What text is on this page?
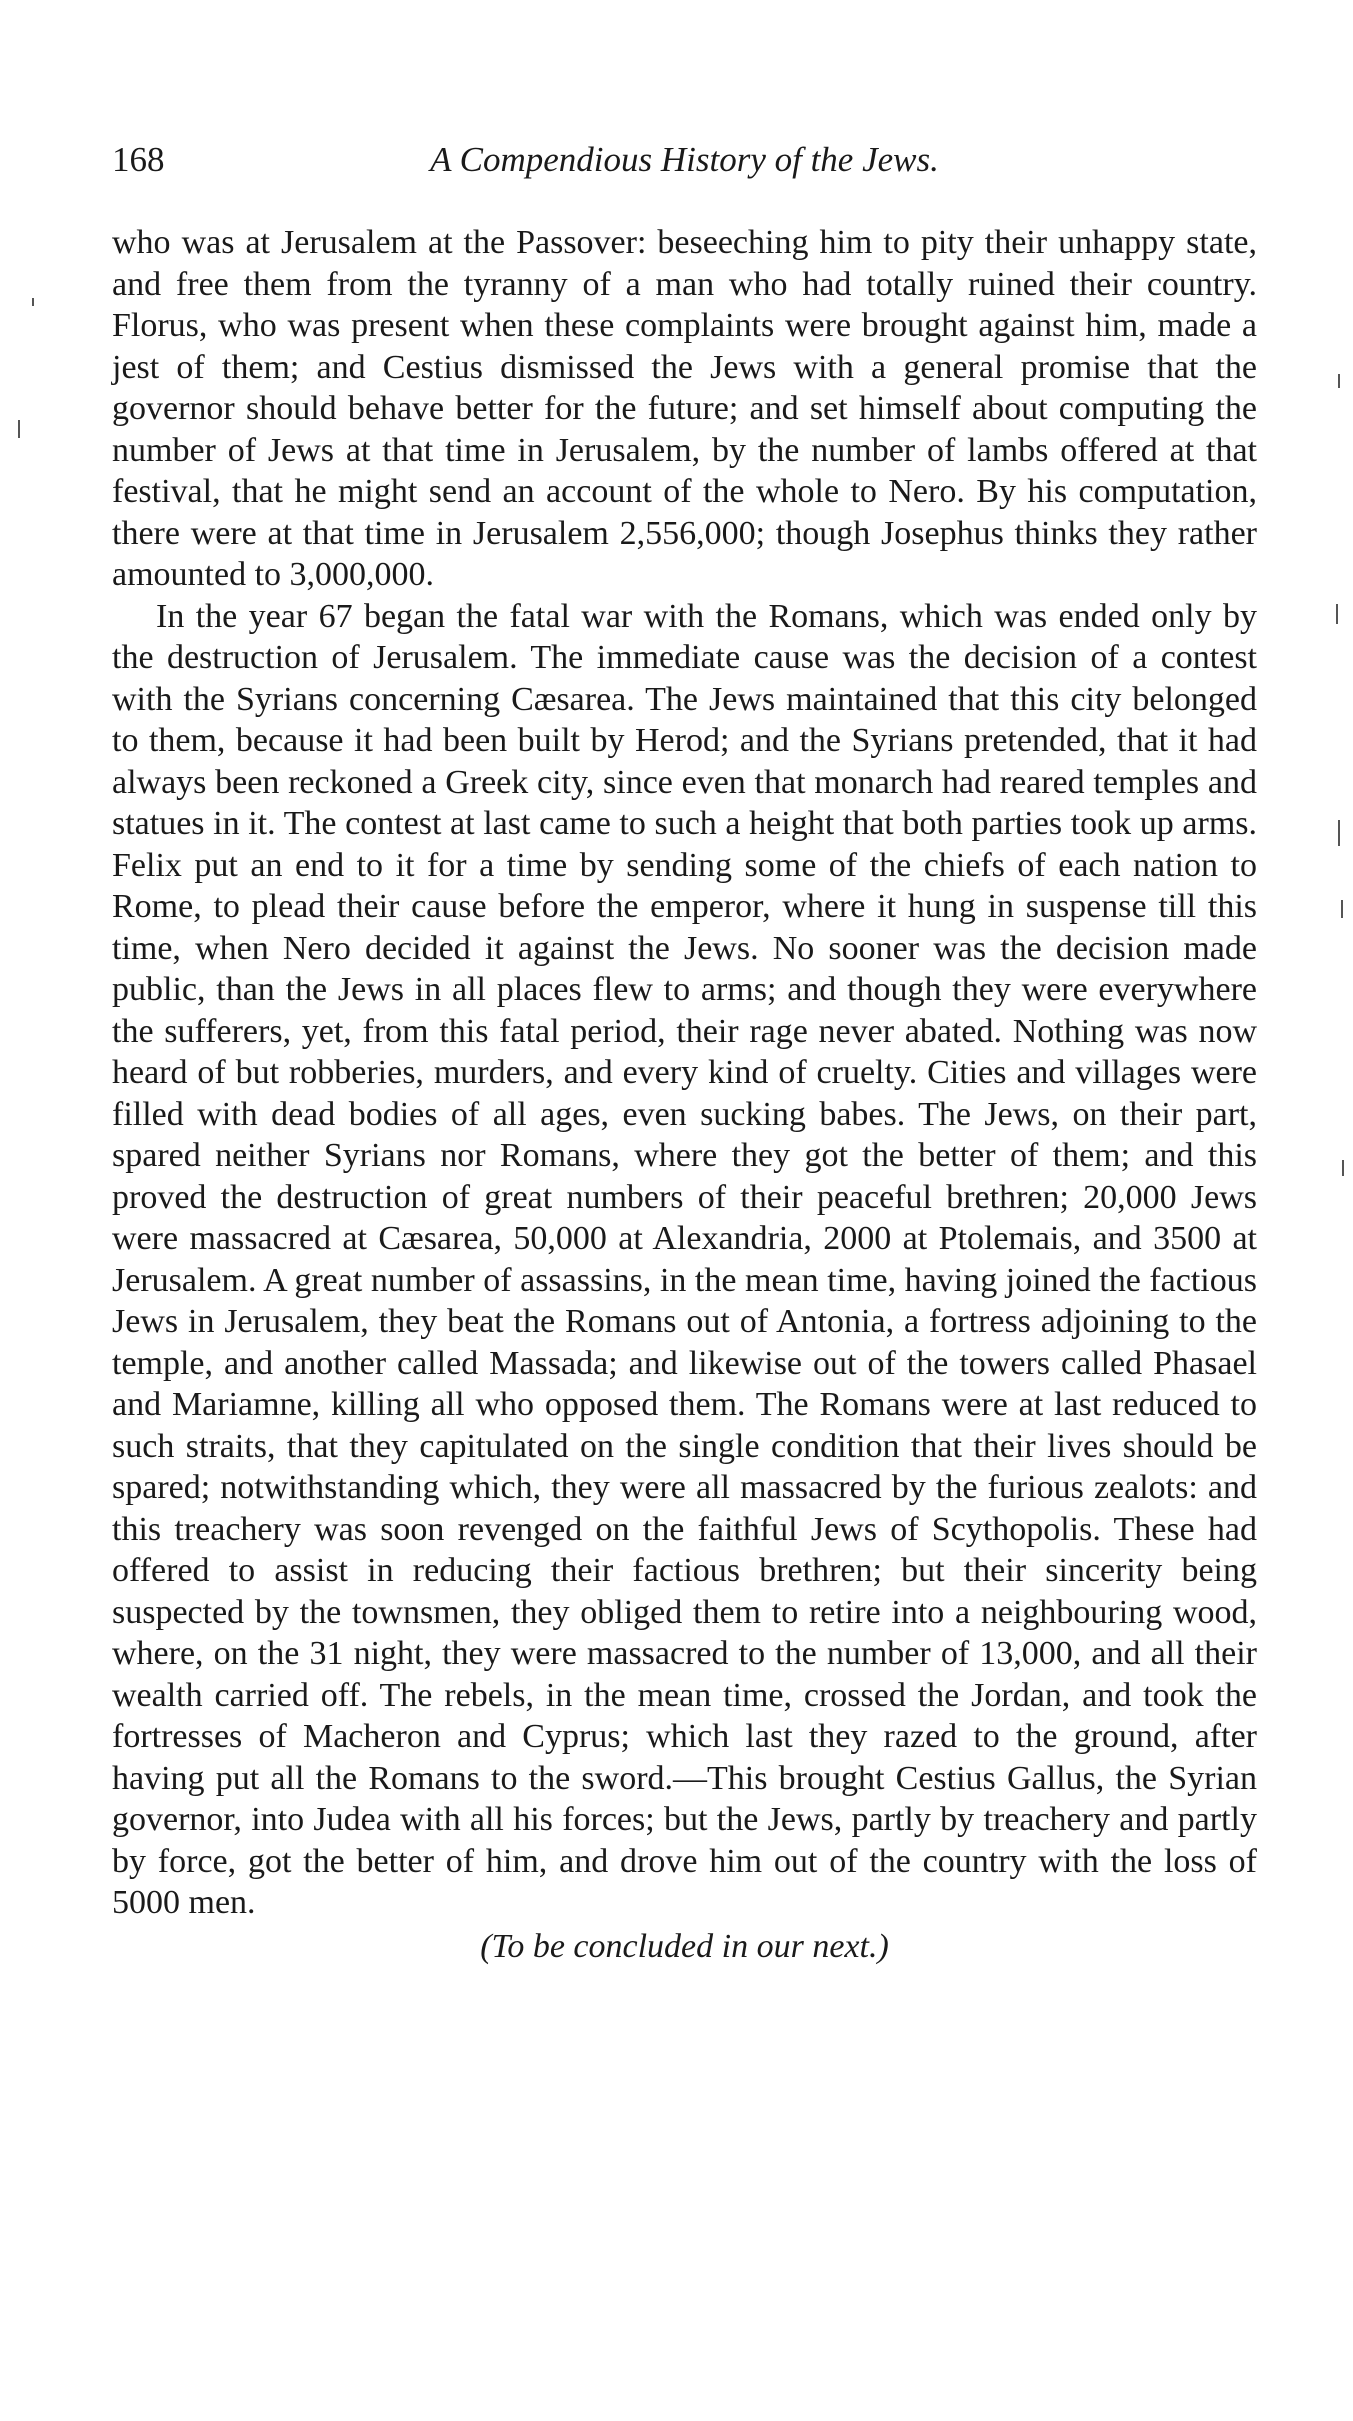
168	A Compendious History of the Jews.

who was at Jerusalem at the Passover: beseeching him to pity their unhappy state, and free them from the tyranny of a man who had totally ruined their country. Florus, who was present when these complaints were brought against him, made a jest of them; and Cestius dismissed the Jews with a general promise that the governor should behave better for the future; and set himself about computing the number of Jews at that time in Jerusalem, by the number of lambs offered at that festival, that he might send an account of the whole to Nero. By his computation, there were at that time in Jerusalem 2,556,000; though Josephus thinks they rather amounted to 3,000,000.

In the year 67 began the fatal war with the Romans, which was ended only by the destruction of Jerusalem. The immediate cause was the decision of a contest with the Syrians concerning Cæsarea. The Jews maintained that this city belonged to them, because it had been built by Herod; and the Syrians pretended, that it had always been reckoned a Greek city, since even that monarch had reared temples and statues in it. The contest at last came to such a height that both parties took up arms. Felix put an end to it for a time by sending some of the chiefs of each nation to Rome, to plead their cause before the emperor, where it hung in suspense till this time, when Nero decided it against the Jews. No sooner was the decision made public, than the Jews in all places flew to arms; and though they were everywhere the sufferers, yet, from this fatal period, their rage never abated. Nothing was now heard of but robberies, murders, and every kind of cruelty. Cities and villages were filled with dead bodies of all ages, even sucking babes. The Jews, on their part, spared neither Syrians nor Romans, where they got the better of them; and this proved the destruction of great numbers of their peaceful brethren; 20,000 Jews were massacred at Cæsarea, 50,000 at Alexandria, 2000 at Ptolemais, and 3500 at Jerusalem. A great number of assassins, in the mean time, having joined the factious Jews in Jerusalem, they beat the Romans out of Antonia, a fortress adjoining to the temple, and another called Massada; and likewise out of the towers called Phasael and Mariamne, killing all who opposed them. The Romans were at last reduced to such straits, that they capitulated on the single condition that their lives should be spared; notwithstanding which, they were all massacred by the furious zealots: and this treachery was soon revenged on the faithful Jews of Scythopolis. These had offered to assist in reducing their factious brethren; but their sincerity being suspected by the townsmen, they obliged them to retire into a neighbouring wood, where, on the 31 night, they were massacred to the number of 13,000, and all their wealth carried off. The rebels, in the mean time, crossed the Jordan, and took the fortresses of Macheron and Cyprus; which last they razed to the ground, after having put all the Romans to the sword.—This brought Cestius Gallus, the Syrian governor, into Judea with all his forces; but the Jews, partly by treachery and partly by force, got the better of him, and drove him out of the country with the loss of 5000 men.

(To be concluded in our next.)
